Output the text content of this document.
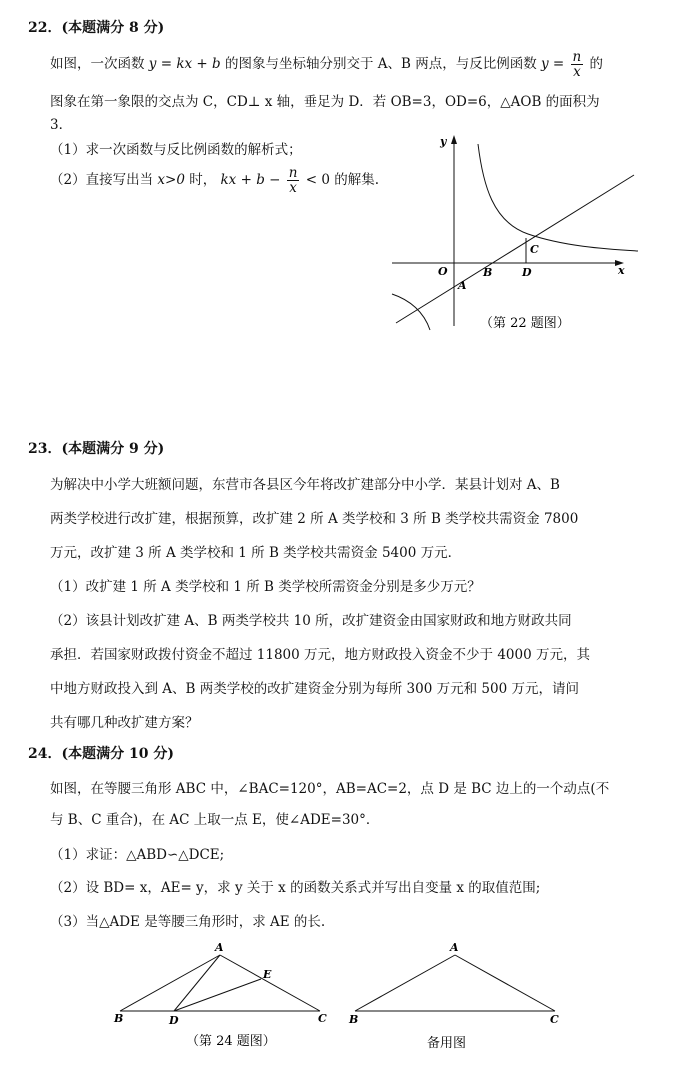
22．(本题满分 8 分)
如图，一次函数 y = kx + b 的图象与坐标轴分别交于 A、B 两点，与反比例函数 $y = \frac{n}{x}$ 的
图象在第一象限的交点为 C，CD⊥ x 轴，垂足为 D．若 OB=3，OD=6，△AOB 的面积为
3．
（1）求一次函数与反比例函数的解析式；
（2）直接写出当 x>0 时， kx + $b - \frac{n}{x} < 0$ 的解集.
y
x
O
A
B
C
D
（第 22 题图）
23．(本题满分 9 分)
为解决中小学大班额问题，东营市各县区今年将改扩建部分中小学．某县计划对 A、B
两类学校进行改扩建，根据预算，改扩建 2 所 A 类学校和 3 所 B 类学校共需资金 7800
万元，改扩建 3 所 A 类学校和 1 所 B 类学校共需资金 5400 万元．
（1）改扩建 1 所 A 类学校和 1 所 B 类学校所需资金分别是多少万元？
（2）该县计划改扩建 A、B 两类学校共 10 所，改扩建资金由国家财政和地方财政共同
承担．若国家财政拨付资金不超过 11800 万元，地方财政投入资金不少于 4000 万元，其
中地方财政投入到 A、B 两类学校的改扩建资金分别为每所 300 万元和 500 万元，请问
共有哪几种改扩建方案？
24．(本题满分 10 分)
如图，在等腰三角形 ABC 中，∠BAC=120°，AB=AC=2，点 D 是 BC 边上的一个动点(不
与 B、C 重合)，在 AC 上取一点 E，使∠ADE=30°．
（1）求证：△ABD∽△DCE;
（2）设 BD= x，AE= y，求 y 关于 x 的函数关系式并写出自变量 x 的取值范围;
（3）当△ADE 是等腰三角形时，求 AE 的长.
A
B	C
D
E
（第 24 题图）
A
B	C
备用图
